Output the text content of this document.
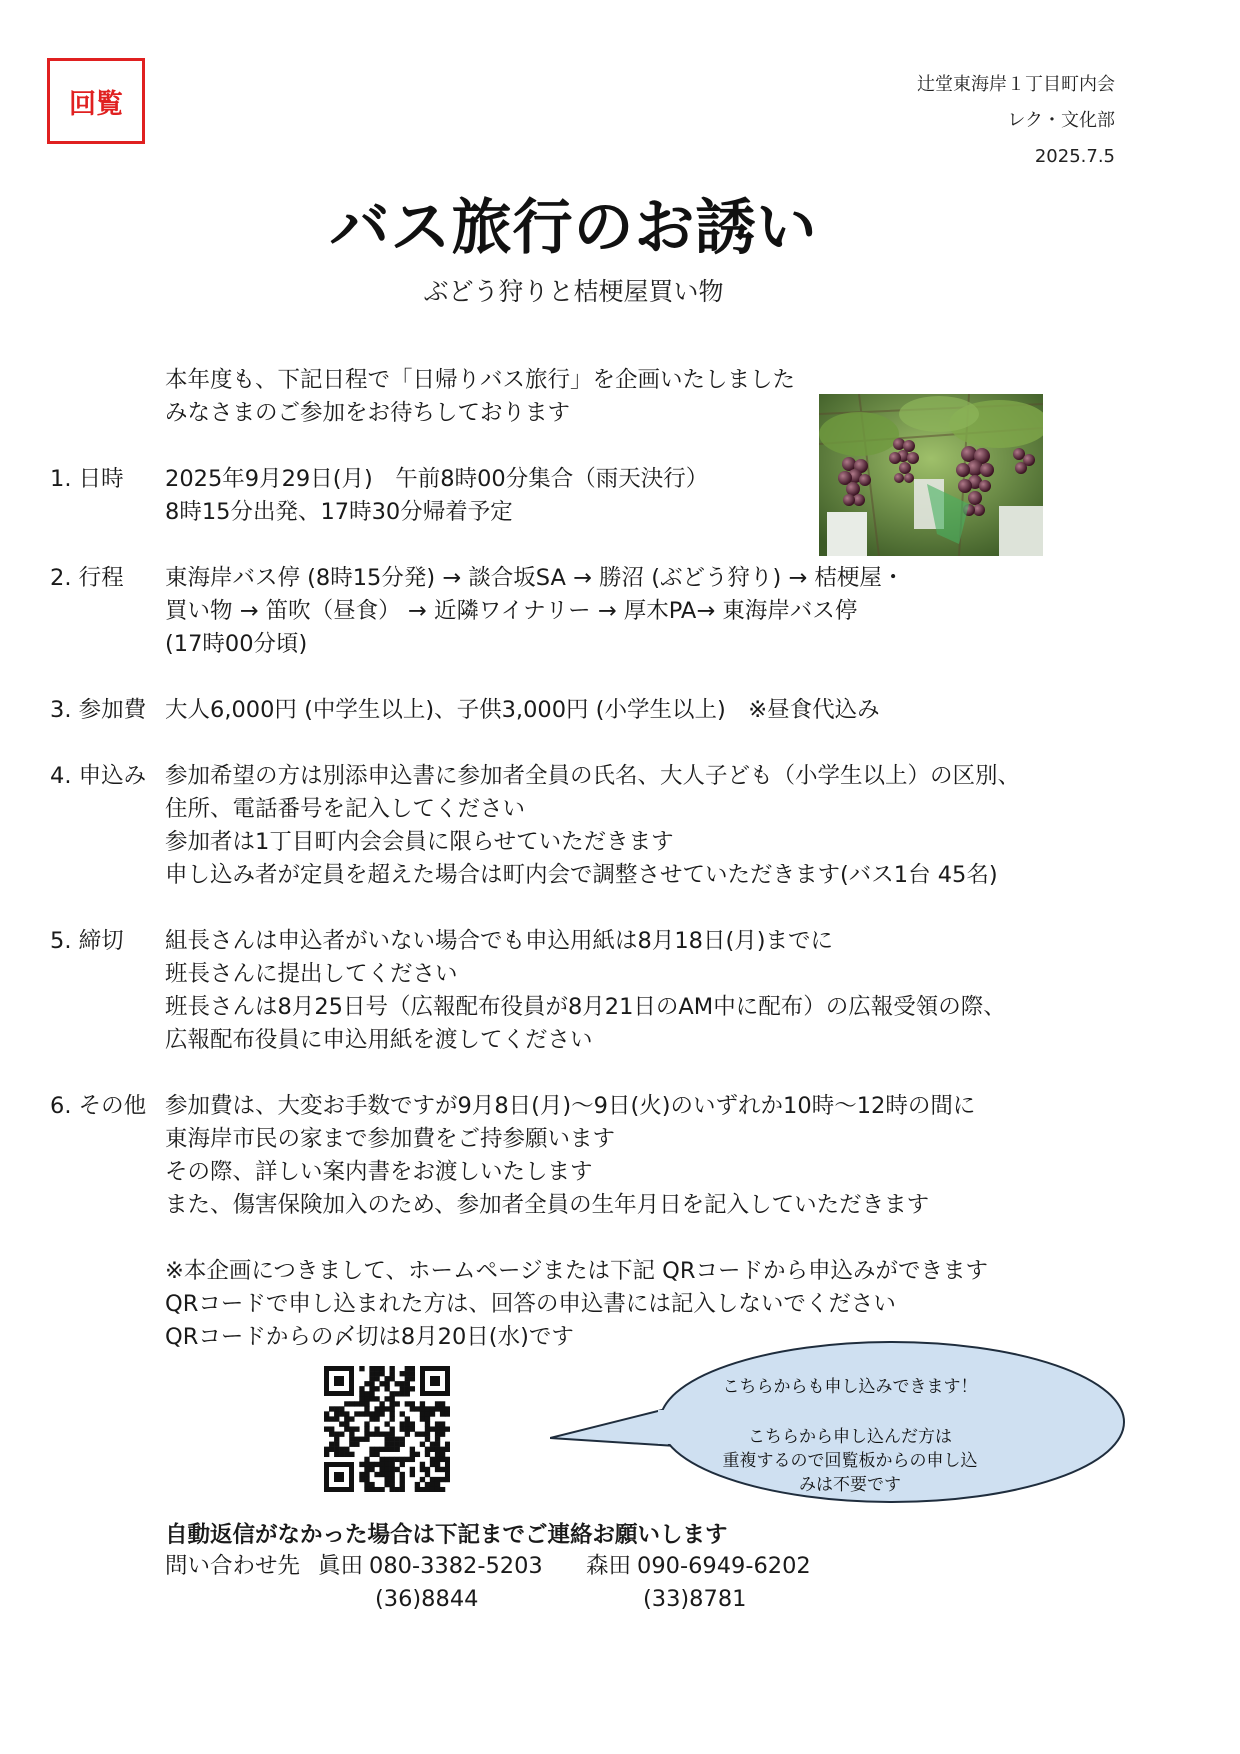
回覧
辻堂東海岸１丁目町内会
レク・文化部
2025.7.5
バス旅行のお誘い
ぶどう狩りと桔梗屋買い物
本年度も、下記日程で「日帰りバス旅行」を企画いたしました
みなさまのご参加をお待ちしております
1. 日時 2025年9月29日(月)　午前8時00分集合（雨天決行）
8時15分出発、17時30分帰着予定
2. 行程 東海岸バス停 (8時15分発) → 談合坂SA → 勝沼 (ぶどう狩り) → 桔梗屋・
買い物 → 笛吹（昼食） → 近隣ワイナリー → 厚木PA→ 東海岸バス停
(17時00分頃)
3. 参加費 大人6,000円 (中学生以上)、子供3,000円 (小学生以上)　※昼食代込み
4. 申込み 参加希望の方は別添申込書に参加者全員の氏名、大人子ども（小学生以上）の区別、
住所、電話番号を記入してください
参加者は1丁目町内会会員に限らせていただきます
申し込み者が定員を超えた場合は町内会で調整させていただきます(バス1台 45名)
5. 締切 組長さんは申込者がいない場合でも申込用紙は8月18日(月)までに
班長さんに提出してください
班長さんは8月25日号（広報配布役員が8月21日のAM中に配布）の広報受領の際、
広報配布役員に申込用紙を渡してください
6. その他 参加費は、大変お手数ですが9月8日(月)〜9日(火)のいずれか10時〜12時の間に
東海岸市民の家まで参加費をご持参願います
その際、詳しい案内書をお渡しいたします
また、傷害保険加入のため、参加者全員の生年月日を記入していただきます
※本企画につきまして、ホームページまたは下記 QRコードから申込みができます
QRコードで申し込まれた方は、回答の申込書には記入しないでください
QRコードからの〆切は8月20日(水)です
こちらからも申し込みできます！
こちらから申し込んだ方は
重複するので回覧板からの申し込
みは不要です
自動返信がなかった場合は下記までご連絡お願いします
問い合わせ先 眞田 080-3382-5203 森田 090-6949-6202
(36)8844	(33)8781
